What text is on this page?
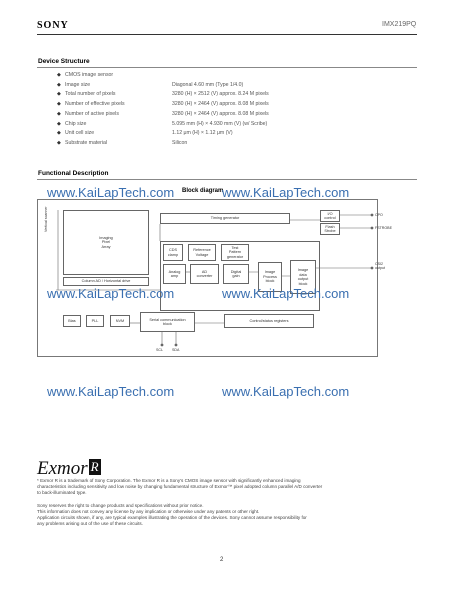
SONY	IMX219PQ
Device Structure
◆ CMOS image sensor
◆ Image size	Diagonal 4.60 mm (Type 1/4.0)
◆ Total number of pixels	3280 (H) × 2512 (V) approx. 8.24 M pixels
◆ Number of effective pixels	3280 (H) × 2464 (V) approx. 8.08 M pixels
◆ Number of active pixels	3280 (H) × 2464 (V) approx. 8.08 M pixels
◆ Chip size	5.095 mm (H) × 4.930 mm (V) (w/ Scribe)
◆ Unit cell size	1.12 μm (H) × 1.12 μm (V)
◆ Substrate material	Silicon
Functional Description
Block diagram
Timing generator
Imaging
Pixel
Array
Vertical scanner
Column AD / Horizontal drive
CDS
clamp
Reference
Voltage
Test
Pattern
generator
Analog
amp
AD
converter
Digital
gain
Image
Process
block
Image
data
output
block
I/O
control
Flash
Strobe
CPO
FSTROBE
CSI2
output
Bias	PLL	NVM	Serial communication
block
Control/status registers
SCL	SDA
www.KaiLapTech.com	www.KaiLapTech.com
www.KaiLapTech.com	www.KaiLapTech.com
www.KaiLapTech.com	www.KaiLapTech.com
Exmor R
* Exmor R is a trademark of Sony Corporation. The Exmor R is a Sony's CMOS image sensor with significantly enhanced imaging
characteristics including sensitivity and low noise by changing fundamental structure of Exmor™ pixel adopted column parallel A/D converter
to back-illuminated type.
Sony reserves the right to change products and specifications without prior notice.
This information does not convey any license by any implication or otherwise under any patents or other right.
Application circuits shown, if any, are typical examples illustrating the operation of the devices. Sony cannot assume responsibility for
any problems arising out of the use of these circuits.
2
